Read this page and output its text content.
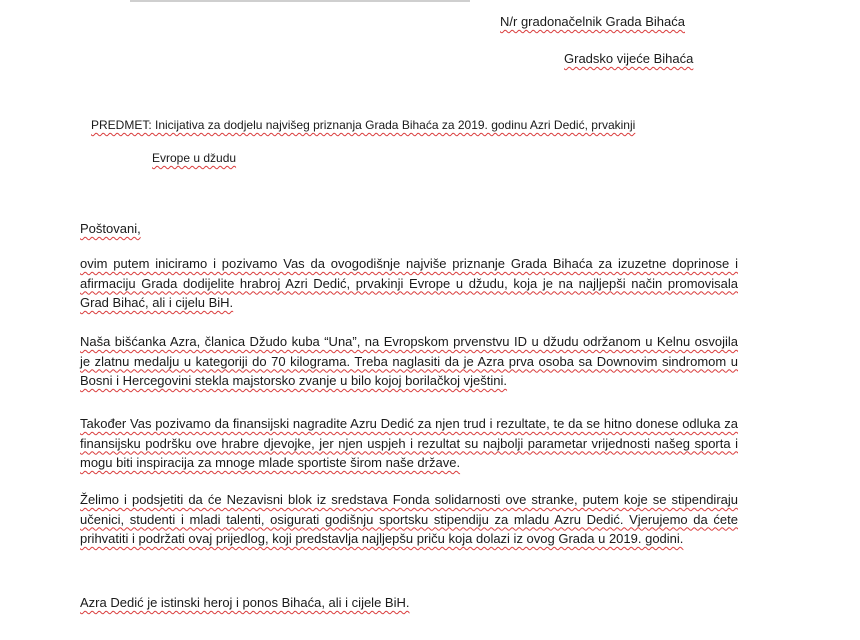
N/r gradonačelnik Grada Bihaća
Gradsko vijeće Bihaća
PREDMET: Inicijativa za dodjelu najvišeg priznanja Grada Bihaća za 2019. godinu Azri Dedić, prvakinji
Evrope u džudu

Poštovani,

ovim putem iniciramo i pozivamo Vas da ovogodišnje najviše priznanje Grada Bihaća za izuzetne doprinose i afirmaciju Grada dodijelite hrabroj Azri Dedić, prvakinji Evrope u džudu, koja je na najljepši način promovisala Grad Bihać, ali i cijelu BiH.

Naša bišćanka Azra, članica Džudo kuba “Una”, na Evropskom prvenstvu ID u džudu održanom u Kelnu osvojila je zlatnu medalju u kategoriji do 70 kilograma. Treba naglasiti da je Azra prva osoba sa Downovim sindromom u Bosni i Hercegovini stekla majstorsko zvanje u bilo kojoj borilačkoj vještini.

Također Vas pozivamo da finansijski nagradite Azru Dedić za njen trud i rezultate, te da se hitno donese odluka za finansijsku podršku ove hrabre djevojke, jer njen uspjeh i rezultat su najbolji parametar vrijednosti našeg sporta i mogu biti inspiracija za mnoge mlade sportiste širom naše države.

Želimo i podsjetiti da će Nezavisni blok iz sredstava Fonda solidarnosti ove stranke, putem koje se stipendiraju učenici, studenti i mladi talenti, osigurati godišnju sportsku stipendiju za mladu Azru Dedić. Vjerujemo da ćete prihvatiti i podržati ovaj prijedlog, koji predstavlja najljepšu priču koja dolazi iz ovog Grada u 2019. godini.

Azra Dedić je istinski heroj i ponos Bihaća, ali i cijele BiH.
